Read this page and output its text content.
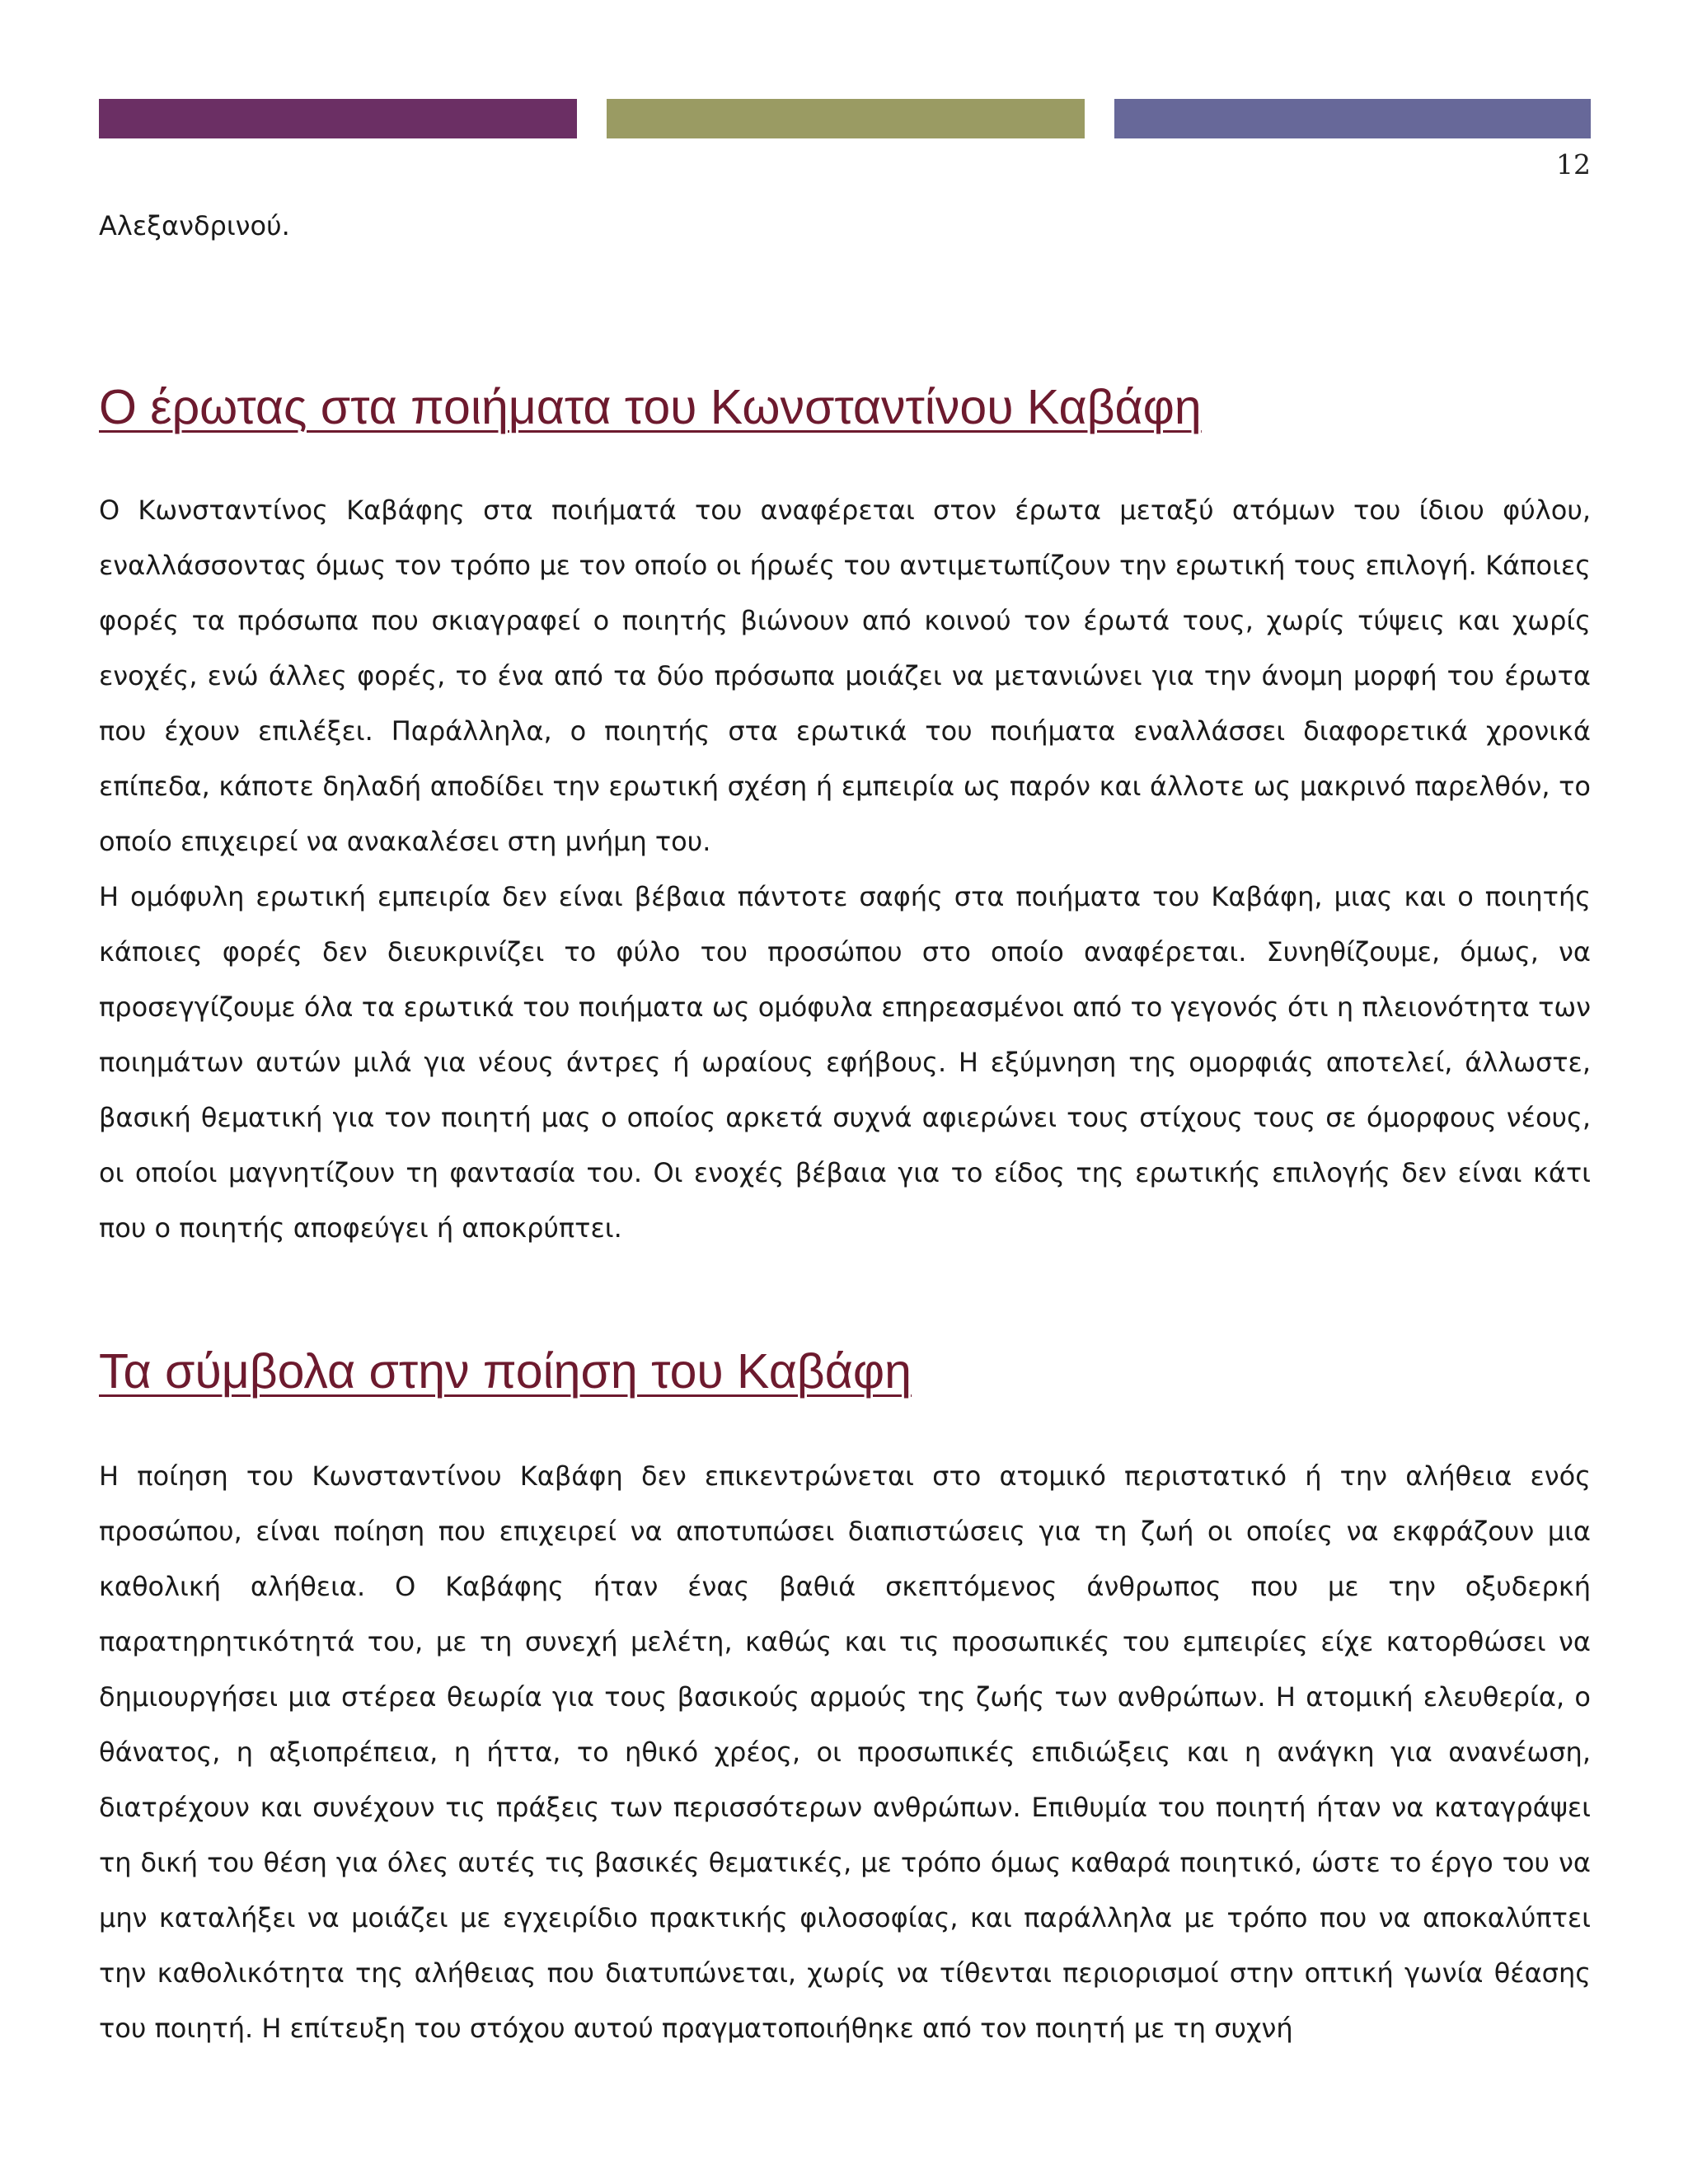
12

Αλεξανδρινού.

Ο έρωτας στα ποιήματα του Κωνσταντίνου Καβάφη

Ο Κωνσταντίνος Καβάφης στα ποιήματά του αναφέρεται στον έρωτα μεταξύ ατόμων του ίδιου φύλου, εναλλάσσοντας όμως τον τρόπο με τον οποίο οι ήρωές του αντιμετωπίζουν την ερωτική τους επιλογή. Κάποιες φορές τα πρόσωπα που σκιαγραφεί ο ποιητής βιώνουν από κοινού τον έρωτά τους, χωρίς τύψεις και χωρίς ενοχές, ενώ άλλες φορές, το ένα από τα δύο πρόσωπα μοιάζει να μετανιώνει για την άνομη μορφή του έρωτα που έχουν επιλέξει. Παράλληλα, ο ποιητής στα ερωτικά του ποιήματα εναλλάσσει διαφορετικά χρονικά επίπεδα, κάποτε δηλαδή αποδίδει την ερωτική σχέση ή εμπειρία ως παρόν και άλλοτε ως μακρινό παρελθόν, το οποίο επιχειρεί να ανακαλέσει στη μνήμη του.

Η ομόφυλη ερωτική εμπειρία δεν είναι βέβαια πάντοτε σαφής στα ποιήματα του Καβάφη, μιας και ο ποιητής κάποιες φορές δεν διευκρινίζει το φύλο του προσώπου στο οποίο αναφέρεται. Συνηθίζουμε, όμως, να προσεγγίζουμε όλα τα ερωτικά του ποιήματα ως ομόφυλα επηρεασμένοι από το γεγονός ότι η πλειονότητα των ποιημάτων αυτών μιλά για νέους άντρες ή ωραίους εφήβους. Η εξύμνηση της ομορφιάς αποτελεί, άλλωστε, βασική θεματική για τον ποιητή μας ο οποίος αρκετά συχνά αφιερώνει τους στίχους τους σε όμορφους νέους, οι οποίοι μαγνητίζουν τη φαντασία του. Οι ενοχές βέβαια για το είδος της ερωτικής επιλογής δεν είναι κάτι που ο ποιητής αποφεύγει ή αποκρύπτει.

Τα σύμβολα στην ποίηση του Καβάφη

Η ποίηση του Κωνσταντίνου Καβάφη δεν επικεντρώνεται στο ατομικό περιστατικό ή την αλήθεια ενός προσώπου, είναι ποίηση που επιχειρεί να αποτυπώσει διαπιστώσεις για τη ζωή οι οποίες να εκφράζουν μια καθολική αλήθεια. Ο Καβάφης ήταν ένας βαθιά σκεπτόμενος άνθρωπος που με την οξυδερκή παρατηρητικότητά του, με τη συνεχή μελέτη, καθώς και τις προσωπικές του εμπειρίες είχε κατορθώσει να δημιουργήσει μια στέρεα θεωρία για τους βασικούς αρμούς της ζωής των ανθρώπων. Η ατομική ελευθερία, ο θάνατος, η αξιοπρέπεια, η ήττα, το ηθικό χρέος, οι προσωπικές επιδιώξεις και η ανάγκη για ανανέωση, διατρέχουν και συνέχουν τις πράξεις των περισσότερων ανθρώπων. Επιθυμία του ποιητή ήταν να καταγράψει τη δική του θέση για όλες αυτές τις βασικές θεματικές, με τρόπο όμως καθαρά ποιητικό, ώστε το έργο του να μην καταλήξει να μοιάζει με εγχειρίδιο πρακτικής φιλοσοφίας, και παράλληλα με τρόπο που να αποκαλύπτει την καθολικότητα της αλήθειας που διατυπώνεται, χωρίς να τίθενται περιορισμοί στην οπτική γωνία θέασης του ποιητή. Η επίτευξη του στόχου αυτού πραγματοποιήθηκε από τον ποιητή με τη συχνή
